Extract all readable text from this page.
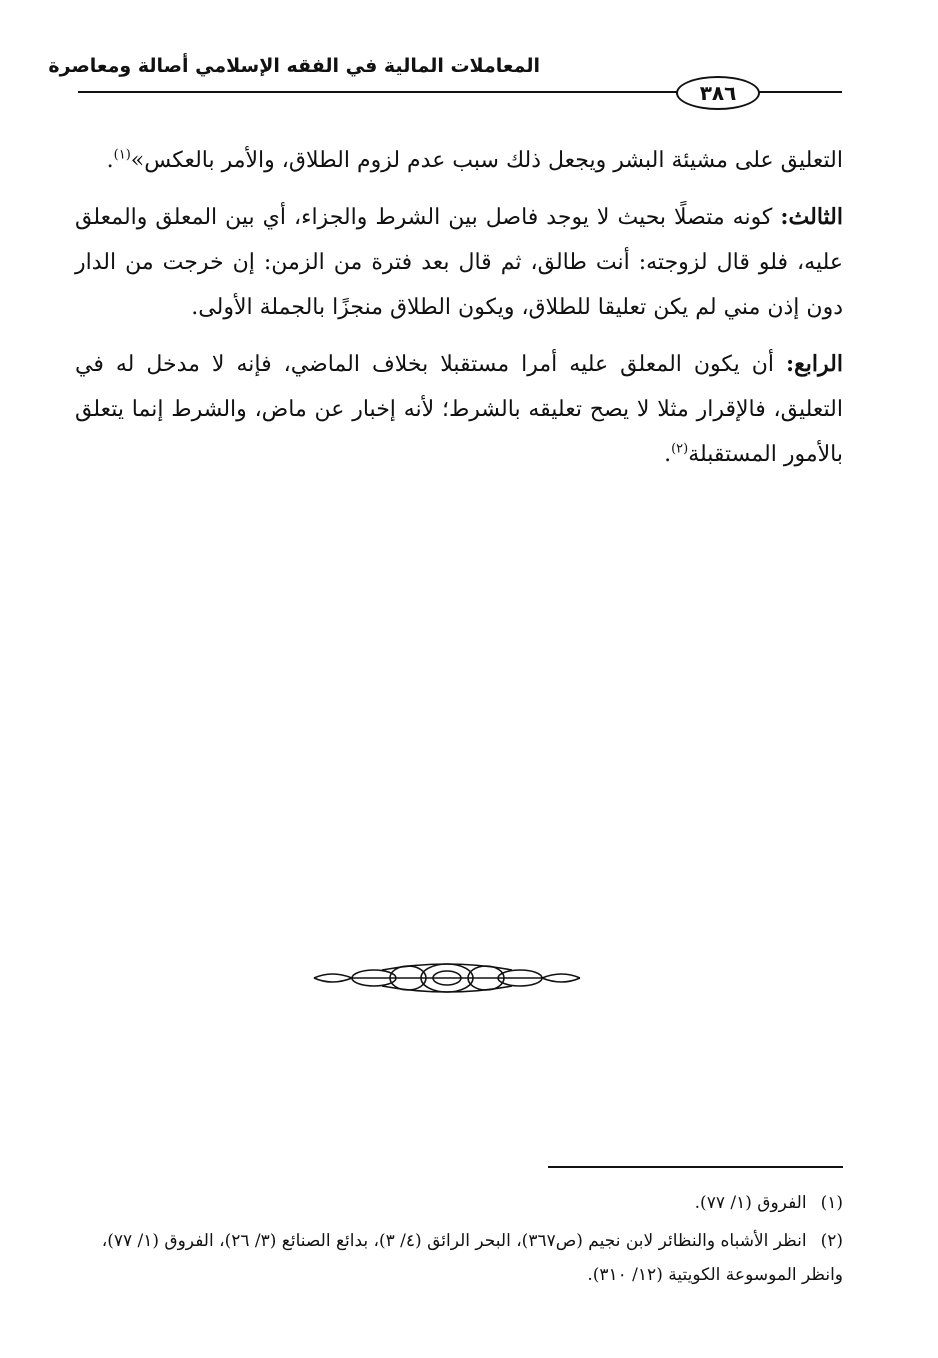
المعاملات المالية في الفقه الإسلامي أصالة ومعاصرة
٣٨٦

التعليق على مشيئة البشر ويجعل ذلك سبب عدم لزوم الطلاق، والأمر بالعكس»$^{(١)}$.

الثالث: كونه متصلًا بحيث لا يوجد فاصل بين الشرط والجزاء، أي بين المعلق والمعلق عليه، فلو قال لزوجته: أنت طالق، ثم قال بعد فترة من الزمن: إن خرجت من الدار دون إذن مني لم يكن تعليقا للطلاق، ويكون الطلاق منجزًا بالجملة الأولى.

الرابع: أن يكون المعلق عليه أمرا مستقبلا بخلاف الماضي، فإنه لا مدخل له في التعليق، فالإقرار مثلا لا يصح تعليقه بالشرط؛ لأنه إخبار عن ماض، والشرط إنما يتعلق بالأمور المستقبلة$^{(٢)}$.

(١)الفروق (١/ ٧٧).

(٢)انظر الأشباه والنظائر لابن نجيم (ص٣٦٧)، البحر الرائق (٤/ ٣)، بدائع الصنائع (٣/ ٢٦)، الفروق (١/ ٧٧)، وانظر الموسوعة الكويتية (١٢/ ٣١٠).
